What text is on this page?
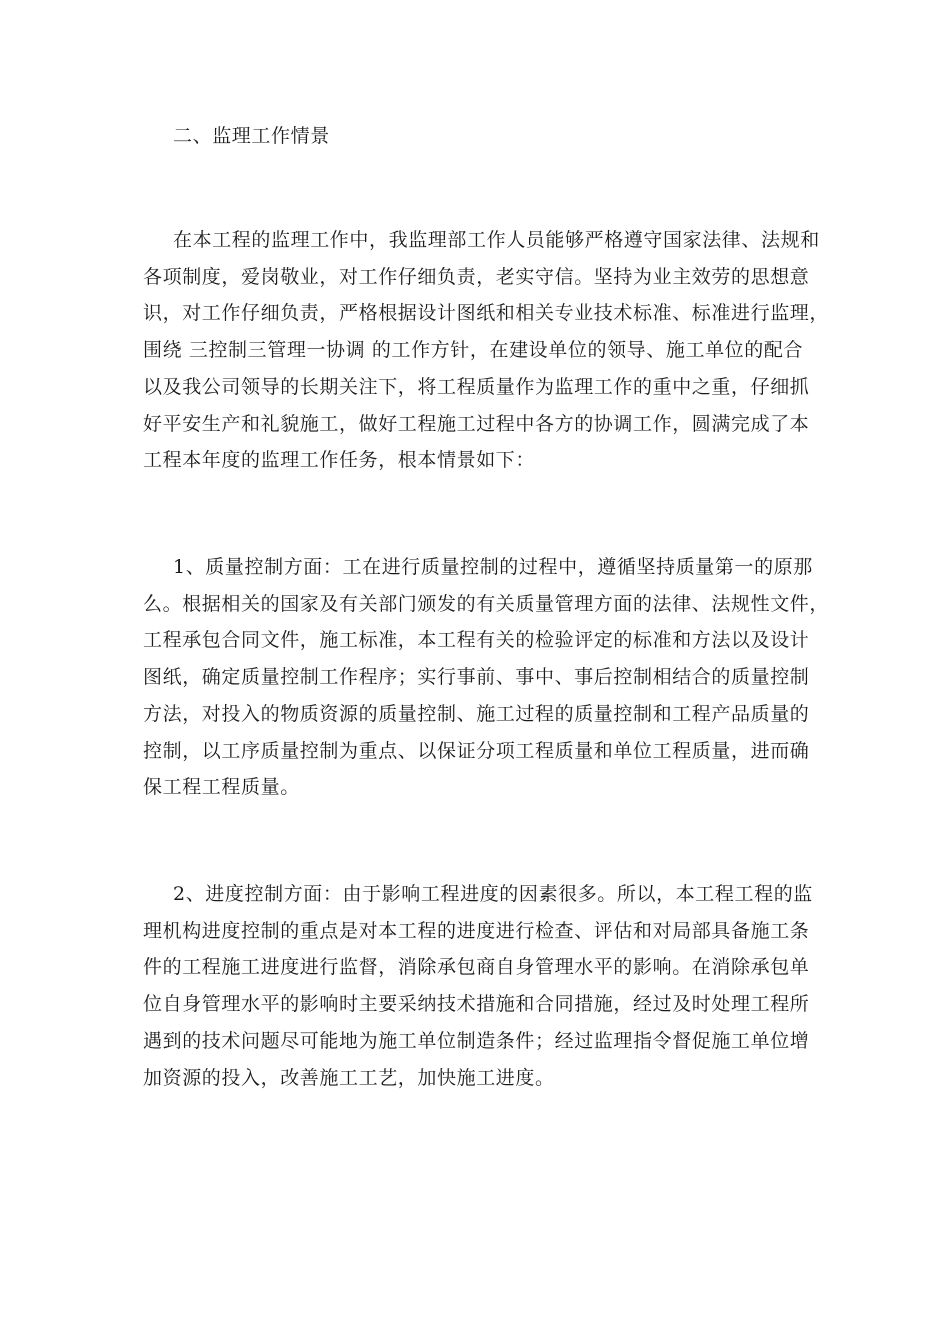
二、监理工作情景

在本工程的监理工作中，我监理部工作人员能够严格遵守国家法律、法规和
各项制度，爱岗敬业，对工作仔细负责，老实守信。坚持为业主效劳的思想意
识，对工作仔细负责，严格根据设计图纸和相关专业技术标准、标准进行监理，
围绕 三控制三管理一协调 的工作方针，在建设单位的领导、施工单位的配合
以及我公司领导的长期关注下，将工程质量作为监理工作的重中之重，仔细抓
好平安生产和礼貌施工，做好工程施工过程中各方的协调工作，圆满完成了本
工程本年度的监理工作任务，根本情景如下：

1、质量控制方面：工在进行质量控制的过程中，遵循坚持质量第一的原那
么。根据相关的国家及有关部门颁发的有关质量管理方面的法律、法规性文件，
工程承包合同文件，施工标准，本工程有关的检验评定的标准和方法以及设计
图纸，确定质量控制工作程序；实行事前、事中、事后控制相结合的质量控制
方法，对投入的物质资源的质量控制、施工过程的质量控制和工程产品质量的
控制，以工序质量控制为重点、以保证分项工程质量和单位工程质量，进而确
保工程工程质量。

2、进度控制方面：由于影响工程进度的因素很多。所以，本工程工程的监
理机构进度控制的重点是对本工程的进度进行检查、评估和对局部具备施工条
件的工程施工进度进行监督，消除承包商自身管理水平的影响。在消除承包单
位自身管理水平的影响时主要采纳技术措施和合同措施，经过及时处理工程所
遇到的技术问题尽可能地为施工单位制造条件；经过监理指令督促施工单位增
加资源的投入，改善施工工艺，加快施工进度。
